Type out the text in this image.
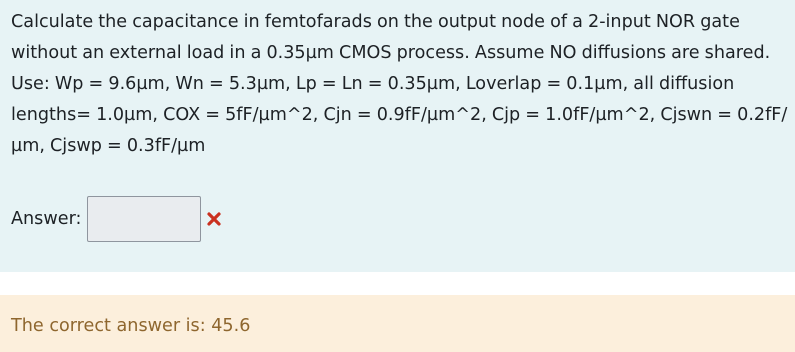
Calculate the capacitance in femtofarads on the output node of a 2-input NOR gate
without an external load in a 0.35µm CMOS process. Assume NO diffusions are shared.
Use: Wp = 9.6µm, Wn = 5.3µm, Lp = Ln = 0.35µm, Loverlap = 0.1µm, all diffusion
lengths= 1.0µm, COX = 5fF/µm^2, Cjn = 0.9fF/µm^2, Cjp = 1.0fF/µm^2, Cjswn = 0.2fF/
µm, Cjswp = 0.3fF/µm

Answer:

The correct answer is: 45.6
